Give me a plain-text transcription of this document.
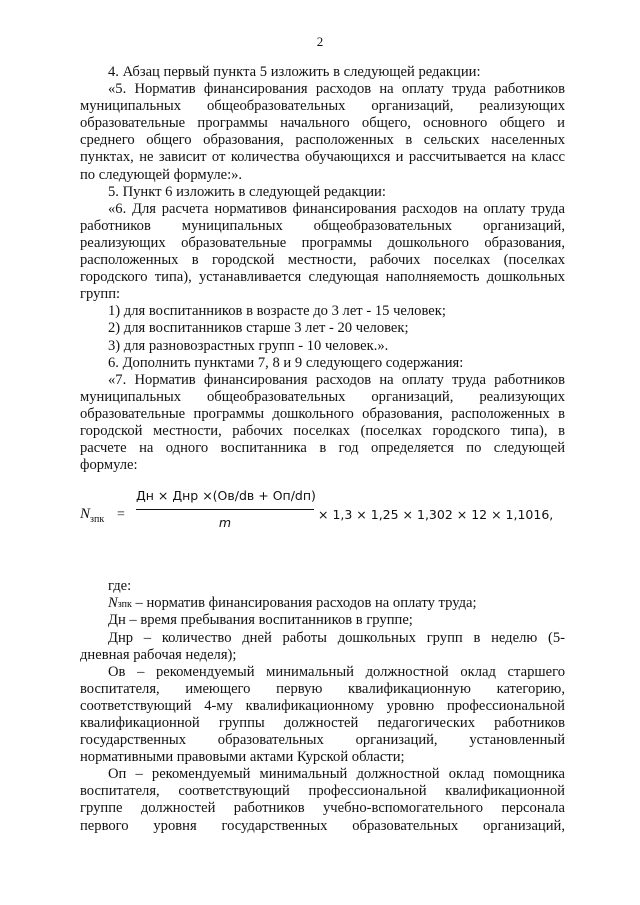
2
4. Абзац первый пункта 5 изложить в следующей редакции:
«5. Норматив финансирования расходов на оплату труда работников
муниципальных общеобразовательных организаций, реализующих
образовательные программы начального общего, основного общего и
среднего общего образования, расположенных в сельских населенных
пунктах, не зависит от количества обучающихся и рассчитывается на класс
по следующей формуле:».
5. Пункт 6 изложить в следующей редакции:
«6. Для расчета нормативов финансирования расходов на оплату труда
работников муниципальных общеобразовательных организаций,
реализующих образовательные программы дошкольного образования,
расположенных в городской местности, рабочих поселках (поселках
городского типа), устанавливается следующая наполняемость дошкольных
групп:
1) для воспитанников в возрасте до 3 лет - 15 человек;
2) для воспитанников старше 3 лет - 20 человек;
3) для разновозрастных групп - 10 человек.».
6. Дополнить пунктами 7, 8 и 9 следующего содержания:
«7. Норматив финансирования расходов на оплату труда работников
муниципальных общеобразовательных организаций, реализующих
образовательные программы дошкольного образования, расположенных в
городской местности, рабочих поселках (поселках городского типа), в
расчете на одного воспитанника в год определяется по следующей
формуле:
$N_{зпк}$ =
Дн × Днр ×(Ов/dв + Оп/dп)
m
× 1,3 × 1,25 × 1,302 × 12 × 1,1016,
где:
Nзпк – норматив финансирования расходов на оплату труда;
Дн – время пребывания воспитанников в группе;
Днр – количество дней работы дошкольных групп в неделю (5-
дневная рабочая неделя);
Ов – рекомендуемый минимальный должностной оклад старшего
воспитателя, имеющего первую квалификационную категорию,
соответствующий 4-му квалификационному уровню профессиональной
квалификационной группы должностей педагогических работников
государственных образовательных организаций, установленный
нормативными правовыми актами Курской области;
Оп – рекомендуемый минимальный должностной оклад помощника
воспитателя, соответствующий профессиональной квалификационной
группе должностей работников учебно-вспомогательного персонала
первого уровня государственных образовательных организаций,
